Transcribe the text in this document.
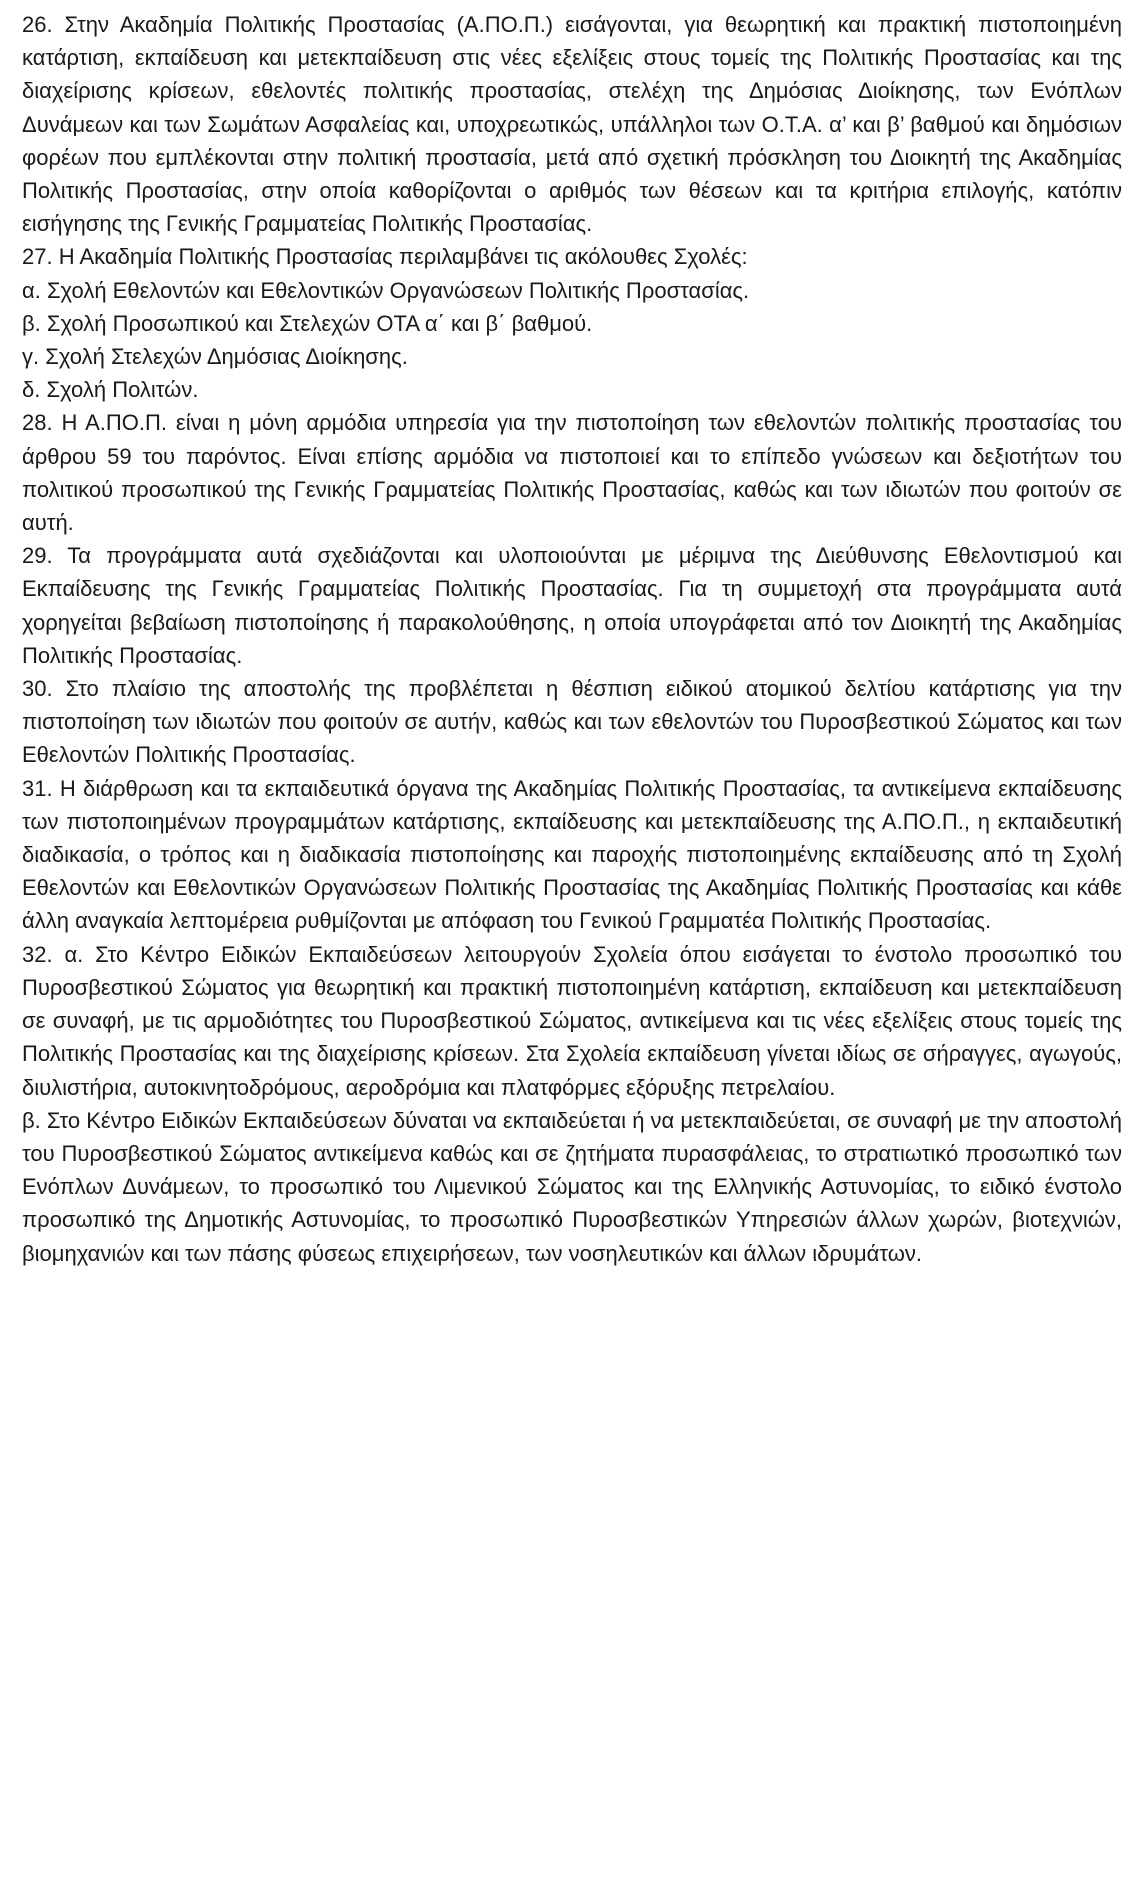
26. Στην Ακαδημία Πολιτικής Προστασίας (Α.ΠΟ.Π.) εισάγονται, για θεωρητική και πρακτική πιστοποιημένη κατάρτιση, εκπαίδευση και μετεκπαίδευση στις νέες εξελίξεις στους τομείς της Πολιτικής Προστασίας και της διαχείρισης κρίσεων, εθελοντές πολιτικής προστασίας, στελέχη της Δημόσιας Διοίκησης, των Ενόπλων Δυνάμεων και των Σωμάτων Ασφαλείας και, υποχρεωτικώς, υπάλληλοι των Ο.Τ.Α. α’ και β’ βαθμού και δημόσιων φορέων που εμπλέκονται στην πολιτική προστασία, μετά από σχετική πρόσκληση του Διοικητή της Ακαδημίας Πολιτικής Προστασίας, στην οποία καθορίζονται ο αριθμός των θέσεων και τα κριτήρια επιλογής, κατόπιν εισήγησης της Γενικής Γραμματείας Πολιτικής Προστασίας.

27. Η Ακαδημία Πολιτικής Προστασίας περιλαμβάνει τις ακόλουθες Σχολές:

α. Σχολή Εθελοντών και Εθελοντικών Οργανώσεων Πολιτικής Προστασίας.

β. Σχολή Προσωπικού και Στελεχών ΟΤΑ α΄ και β΄ βαθμού.

γ. Σχολή Στελεχών Δημόσιας Διοίκησης.

δ. Σχολή Πολιτών.

28. Η Α.ΠΟ.Π. είναι η μόνη αρμόδια υπηρεσία για την πιστοποίηση των εθελοντών πολιτικής προστασίας του άρθρου 59 του παρόντος. Είναι επίσης αρμόδια να πιστοποιεί και το επίπεδο γνώσεων και δεξιοτήτων του πολιτικού προσωπικού της Γενικής Γραμματείας Πολιτικής Προστασίας, καθώς και των ιδιωτών που φοιτούν σε αυτή.

29. Τα προγράμματα αυτά σχεδιάζονται και υλοποιούνται με μέριμνα της Διεύθυνσης Εθελοντισμού και Εκπαίδευσης της Γενικής Γραμματείας Πολιτικής Προστασίας. Για τη συμμετοχή στα προγράμματα αυτά χορηγείται βεβαίωση πιστοποίησης ή παρακολούθησης, η οποία υπογράφεται από τον Διοικητή της Ακαδημίας Πολιτικής Προστασίας.

30. Στο πλαίσιο της αποστολής της προβλέπεται η θέσπιση ειδικού ατομικού δελτίου κατάρτισης για την πιστοποίηση των ιδιωτών που φοιτούν σε αυτήν, καθώς και των εθελοντών του Πυροσβεστικού Σώματος και των Εθελοντών Πολιτικής Προστασίας.

31. Η διάρθρωση και τα εκπαιδευτικά όργανα της Ακαδημίας Πολιτικής Προστασίας, τα αντικείμενα εκπαίδευσης των πιστοποιημένων προγραμμάτων κατάρτισης, εκπαίδευσης και μετεκπαίδευσης της Α.ΠΟ.Π., η εκπαιδευτική διαδικασία, ο τρόπος και η διαδικασία πιστοποίησης και παροχής πιστοποιημένης εκπαίδευσης από τη Σχολή Εθελοντών και Εθελοντικών Οργανώσεων Πολιτικής Προστασίας της Ακαδημίας Πολιτικής Προστασίας και κάθε άλλη αναγκαία λεπτομέρεια ρυθμίζονται με απόφαση του Γενικού Γραμματέα Πολιτικής Προστασίας.

32. α. Στο Κέντρο Ειδικών Εκπαιδεύσεων λειτουργούν Σχολεία όπου εισάγεται το ένστολο προσωπικό του Πυροσβεστικού Σώματος για θεωρητική και πρακτική πιστοποιημένη κατάρτιση, εκπαίδευση και μετεκπαίδευση σε συναφή, με τις αρμοδιότητες του Πυροσβεστικού Σώματος, αντικείμενα και τις νέες εξελίξεις στους τομείς της Πολιτικής Προστασίας και της διαχείρισης κρίσεων. Στα Σχολεία εκπαίδευση γίνεται ιδίως σε σήραγγες, αγωγούς, διυλιστήρια, αυτοκινητοδρόμους, αεροδρόμια και πλατφόρμες εξόρυξης πετρελαίου.

β. Στο Κέντρο Ειδικών Εκπαιδεύσεων δύναται να εκπαιδεύεται ή να μετεκπαιδεύεται, σε συναφή με την αποστολή του Πυροσβεστικού Σώματος αντικείμενα καθώς και σε ζητήματα πυρασφάλειας, το στρατιωτικό προσωπικό των Ενόπλων Δυνάμεων, το προσωπικό του Λιμενικού Σώματος και της Ελληνικής Αστυνομίας, το ειδικό ένστολο προσωπικό της Δημοτικής Αστυνομίας, το προσωπικό Πυροσβεστικών Υπηρεσιών άλλων χωρών, βιοτεχνιών, βιομηχανιών και των πάσης φύσεως επιχειρήσεων, των νοσηλευτικών και άλλων ιδρυμάτων.
